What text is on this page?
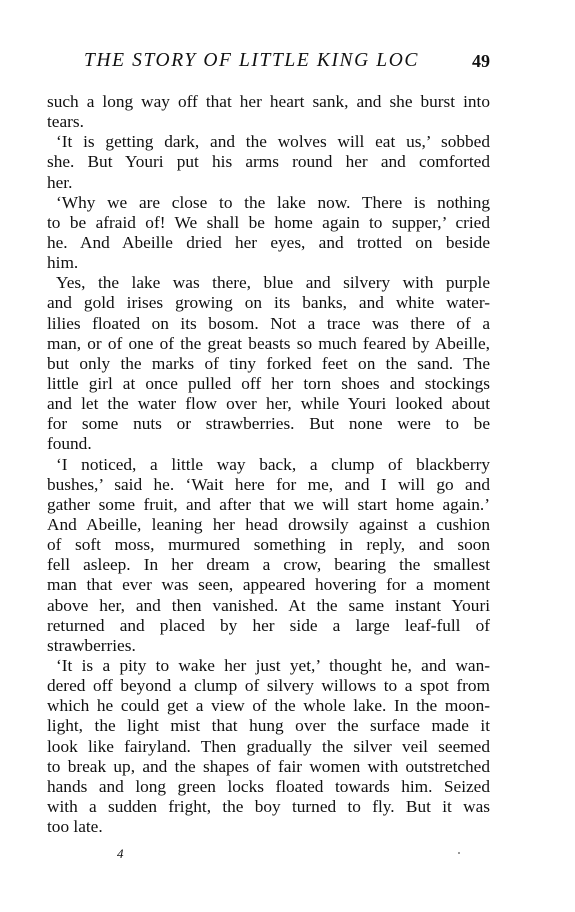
THE STORY OF LITTLE KING LOC	49
such a long way off that her heart sank, and she burst into
tears.
‘It is getting dark, and the wolves will eat us,’ sobbed
she. But Youri put his arms round her and comforted
her.
‘Why we are close to the lake now. There is nothing
to be afraid of! We shall be home again to supper,’ cried
he. And Abeille dried her eyes, and trotted on beside
him.
Yes, the lake was there, blue and silvery with purple
and gold irises growing on its banks, and white water-
lilies floated on its bosom. Not a trace was there of a
man, or of one of the great beasts so much feared by Abeille,
but only the marks of tiny forked feet on the sand. The
little girl at once pulled off her torn shoes and stockings
and let the water flow over her, while Youri looked about
for some nuts or strawberries. But none were to be
found.
‘I noticed, a little way back, a clump of blackberry
bushes,’ said he. ‘Wait here for me, and I will go and
gather some fruit, and after that we will start home again.’
And Abeille, leaning her head drowsily against a cushion
of soft moss, murmured something in reply, and soon
fell asleep. In her dream a crow, bearing the smallest
man that ever was seen, appeared hovering for a moment
above her, and then vanished. At the same instant Youri
returned and placed by her side a large leaf-full of
strawberries.
‘It is a pity to wake her just yet,’ thought he, and wan-
dered off beyond a clump of silvery willows to a spot from
which he could get a view of the whole lake. In the moon-
light, the light mist that hung over the surface made it
look like fairyland. Then gradually the silver veil seemed
to break up, and the shapes of fair women with outstretched
hands and long green locks floated towards him. Seized
with a sudden fright, the boy turned to fly. But it was
too late.
4
